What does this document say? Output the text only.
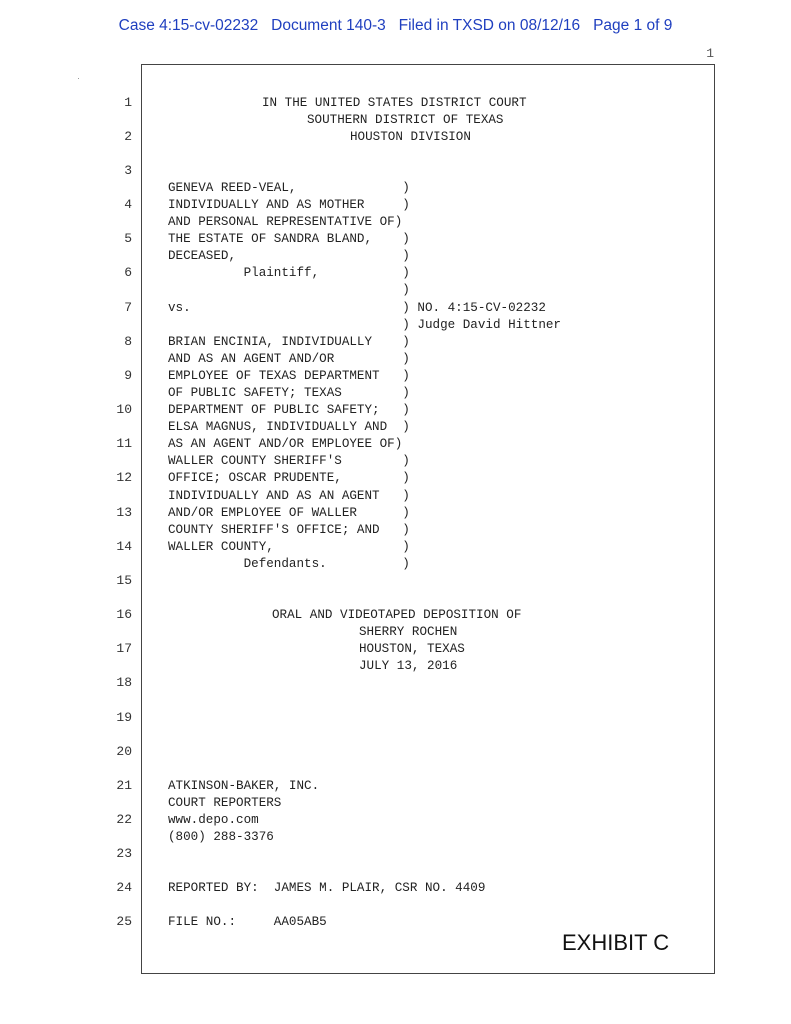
Case 4:15-cv-02232   Document 140-3   Filed in TXSD on 08/12/16   Page 1 of 9
1
1
2
3
4
5
6
7
8
9
10
11
12
13
14
15
16
17
18
19
20
21
22
23
24
25
IN THE UNITED STATES DISTRICT COURT
SOUTHERN DISTRICT OF TEXAS
HOUSTON DIVISION
GENEVA REED-VEAL,              )
INDIVIDUALLY AND AS MOTHER     )
AND PERSONAL REPRESENTATIVE OF)
THE ESTATE OF SANDRA BLAND,    )
DECEASED,                      )
Plaintiff,           )
)
vs.                            ) NO. 4:15-CV-02232
) Judge David Hittner
BRIAN ENCINIA, INDIVIDUALLY    )
AND AS AN AGENT AND/OR         )
EMPLOYEE OF TEXAS DEPARTMENT   )
OF PUBLIC SAFETY; TEXAS        )
DEPARTMENT OF PUBLIC SAFETY;   )
ELSA MAGNUS, INDIVIDUALLY AND  )
AS AN AGENT AND/OR EMPLOYEE OF)
WALLER COUNTY SHERIFF'S        )
OFFICE; OSCAR PRUDENTE,        )
INDIVIDUALLY AND AS AN AGENT   )
AND/OR EMPLOYEE OF WALLER      )
COUNTY SHERIFF'S OFFICE; AND   )
WALLER COUNTY,                 )
Defendants.          )
ORAL AND VIDEOTAPED DEPOSITION OF
SHERRY ROCHEN
HOUSTON, TEXAS
JULY 13, 2016
ATKINSON-BAKER, INC.
COURT REPORTERS
www.depo.com
(800) 288-3376
REPORTED BY:  JAMES M. PLAIR, CSR NO. 4409
FILE NO.:     AA05AB5
EXHIBIT C
